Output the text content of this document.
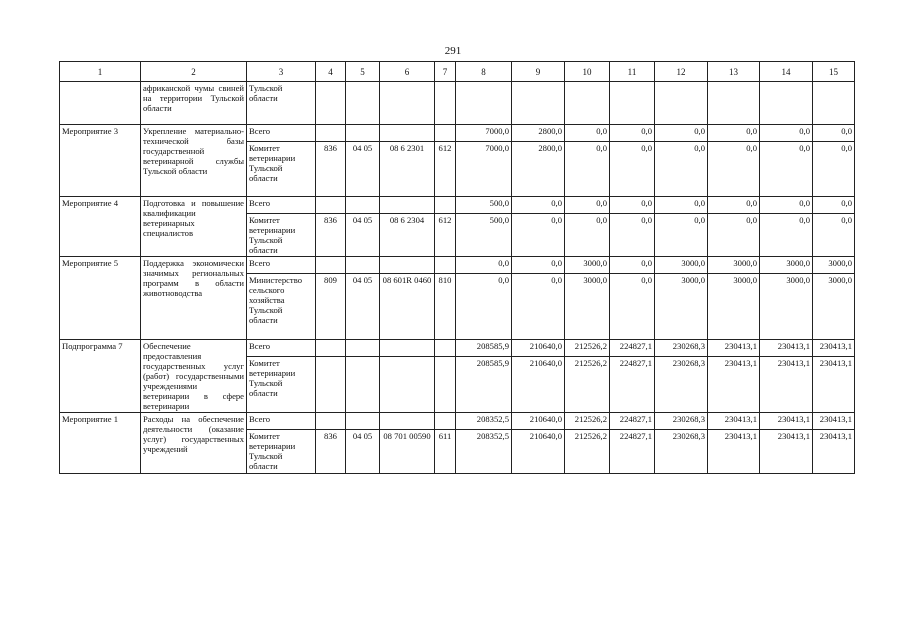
291
1	2	3	4	5	6	7	8	9	10	11	12	13	14	15
	африканской чумы свиней на территории Тульской области	Тульской области												
Мероприятие 3	Укрепление материально-технической базы государственной ветеринарной службы Тульской области	Всего					7000,0	2800,0	0,0	0,0	0,0	0,0	0,0	0,0
		Комитет ветеринарии Тульской области	836	04 05	08 6 2301	612	7000,0	2800,0	0,0	0,0	0,0	0,0	0,0	0,0
Мероприятие 4	Подготовка и повышение квалификации ветеринарных специалистов	Всего					500,0	0,0	0,0	0,0	0,0	0,0	0,0	0,0
		Комитет ветеринарии Тульской области	836	04 05	08 6 2304	612	500,0	0,0	0,0	0,0	0,0	0,0	0,0	0,0
Мероприятие 5	Поддержка экономически значимых региональных программ в области животноводства	Всего					0,0	0,0	3000,0	0,0	3000,0	3000,0	3000,0	3000,0
		Министерство сельского хозяйства Тульской области	809	04 05	08 601R 0460	810	0,0	0,0	3000,0	0,0	3000,0	3000,0	3000,0	3000,0
Подпрограмма 7	Обеспечение предоставления государственных услуг (работ) государственными учреждениями ветеринарии в сфере ветеринарии	Всего					208585,9	210640,0	212526,2	224827,1	230268,3	230413,1	230413,1	230413,1
		Комитет ветеринарии Тульской области					208585,9	210640,0	212526,2	224827,1	230268,3	230413,1	230413,1	230413,1
Мероприятие 1	Расходы на обеспечение деятельности (оказание услуг) государственных учреждений	Всего					208352,5	210640,0	212526,2	224827,1	230268,3	230413,1	230413,1	230413,1
		Комитет ветеринарии Тульской области	836	04 05	08 701 00590	611	208352,5	210640,0	212526,2	224827,1	230268,3	230413,1	230413,1	230413,1
